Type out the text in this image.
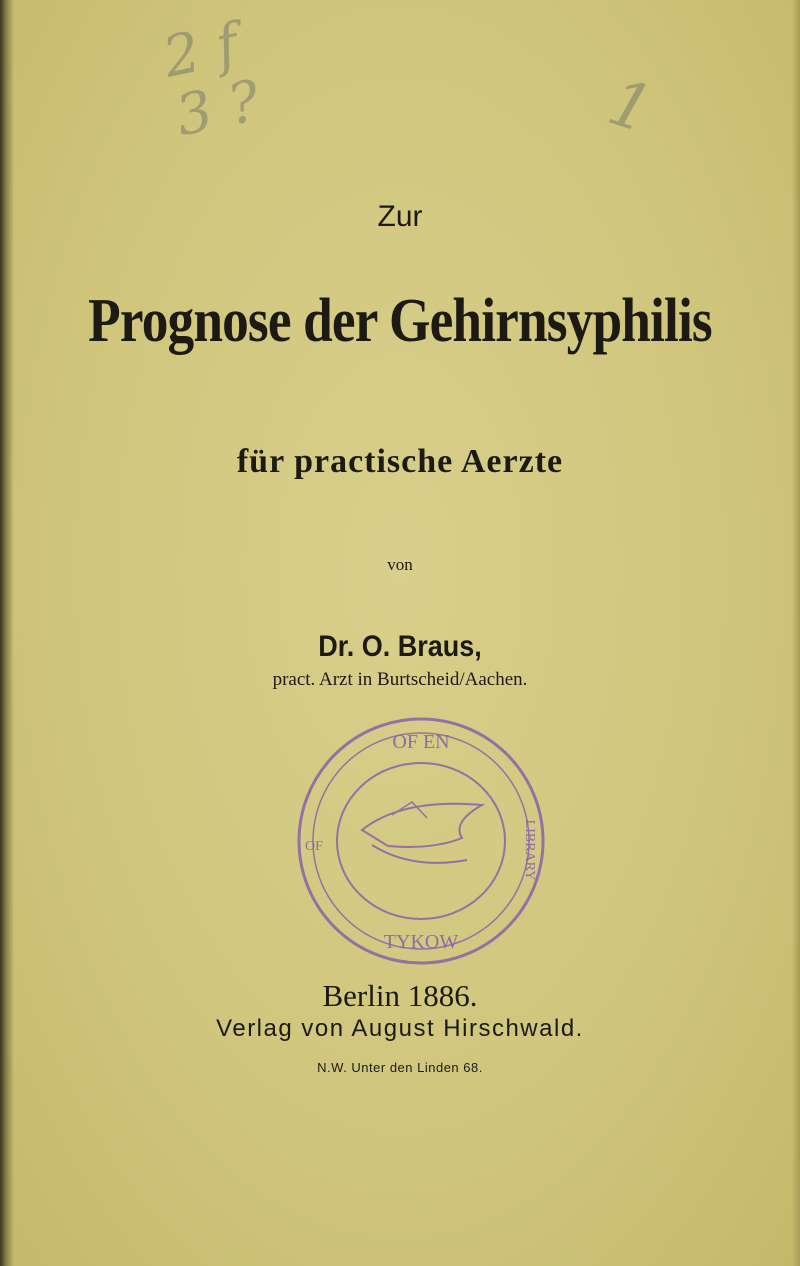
2 f
3 ?	1
Zur
Prognose der Gehirnsyphilis
für practische Aerzte
von
Dr. O. Braus,
pract. Arzt in Burtscheid/Aachen.
OF EN
TYKOW
OF	LIBRARY
Berlin 1886.
Verlag von August Hirschwald.
N.W. Unter den Linden 68.
